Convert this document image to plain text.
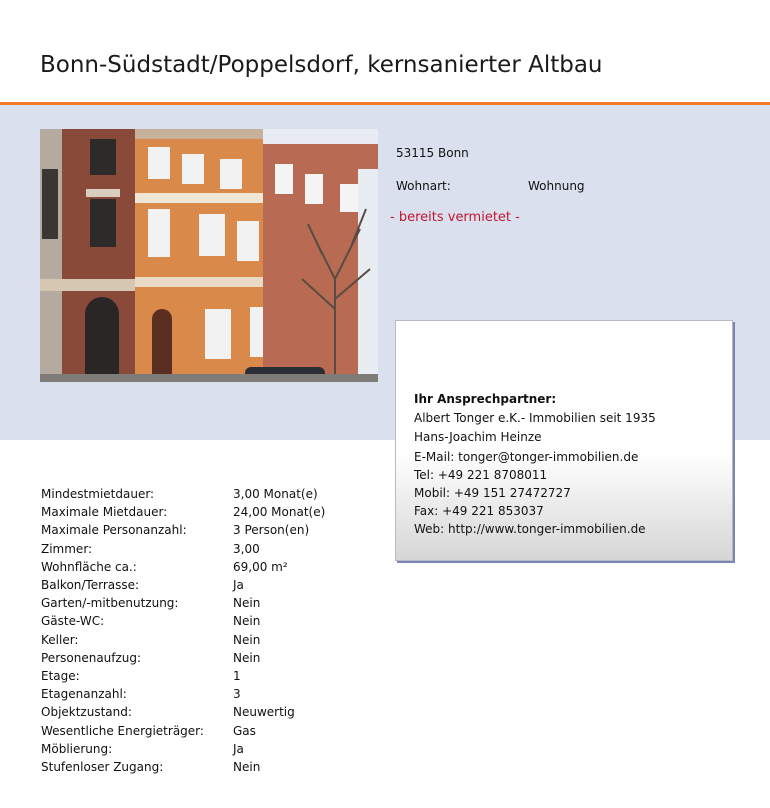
Bonn-Südstadt/Poppelsdorf, kernsanierter Altbau
53115 Bonn
Wohnart:	Wohnung
- bereits vermietet -
Ihr Ansprechpartner:
Albert Tonger e.K.- Immobilien seit 1935
Hans-Joachim Heinze
E-Mail: tonger@tonger-immobilien.de
Tel: +49 221 8708011
Mobil: +49 151 27472727
Fax: +49 221 853037
Web: http://www.tonger-immobilien.de
Mindestmietdauer:	3,00 Monat(e)
Maximale Mietdauer:	24,00 Monat(e)
Maximale Personanzahl:	3 Person(en)
Zimmer:	3,00
Wohnfläche ca.:	69,00 m²
Balkon/Terrasse:	Ja
Garten/-mitbenutzung:	Nein
Gäste-WC:	Nein
Keller:	Nein
Personenaufzug:	Nein
Etage:	1
Etagenanzahl:	3
Objektzustand:	Neuwertig
Wesentliche Energieträger: Gas
Möblierung:	Ja
Stufenloser Zugang:	Nein
